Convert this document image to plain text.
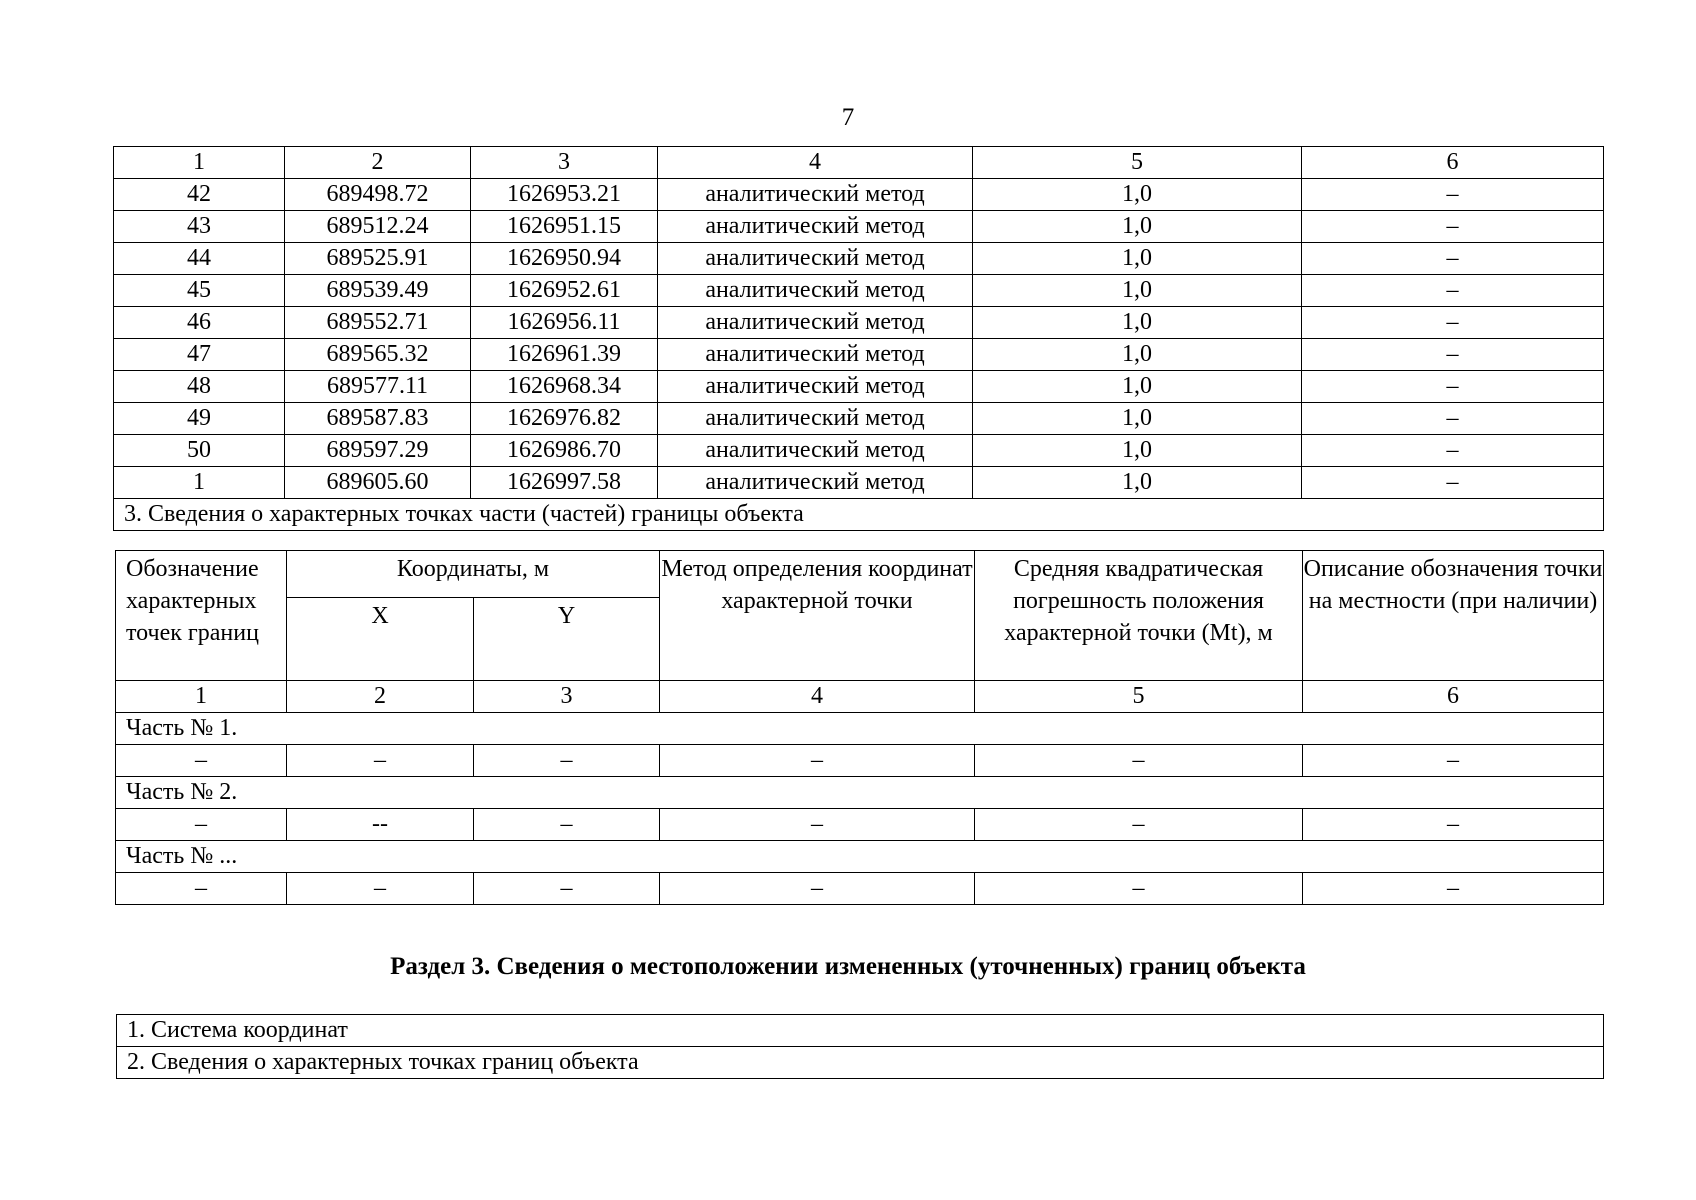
7
1	2	3	4	5	6
42	689498.72	1626953.21	аналитический метод	1,0	–
43	689512.24	1626951.15	аналитический метод	1,0	–
44	689525.91	1626950.94	аналитический метод	1,0	–
45	689539.49	1626952.61	аналитический метод	1,0	–
46	689552.71	1626956.11	аналитический метод	1,0	–
47	689565.32	1626961.39	аналитический метод	1,0	–
48	689577.11	1626968.34	аналитический метод	1,0	–
49	689587.83	1626976.82	аналитический метод	1,0	–
50	689597.29	1626986.70	аналитический метод	1,0	–
1	689605.60	1626997.58	аналитический метод	1,0	–
3. Сведения о характерных точках части (частей) границы объекта					
Обозначение характерных точек границ	Координаты, м		Метод определения координат характерной точки	Средняя квадратическая погрешность положения характерной точки (Mt), м	Описание обозначения точки на местности (при наличии)
	X	Y			
1	2	3	4	5	6
Часть № 1.					
–	–	–	–	–	–
Часть № 2.					
–	--	–	–	–	–
Часть № ...					
–	–	–	–	–	–
Раздел 3. Сведения о местоположении измененных (уточненных) границ объекта
1. Система координат
2. Сведения о характерных точках границ объекта
